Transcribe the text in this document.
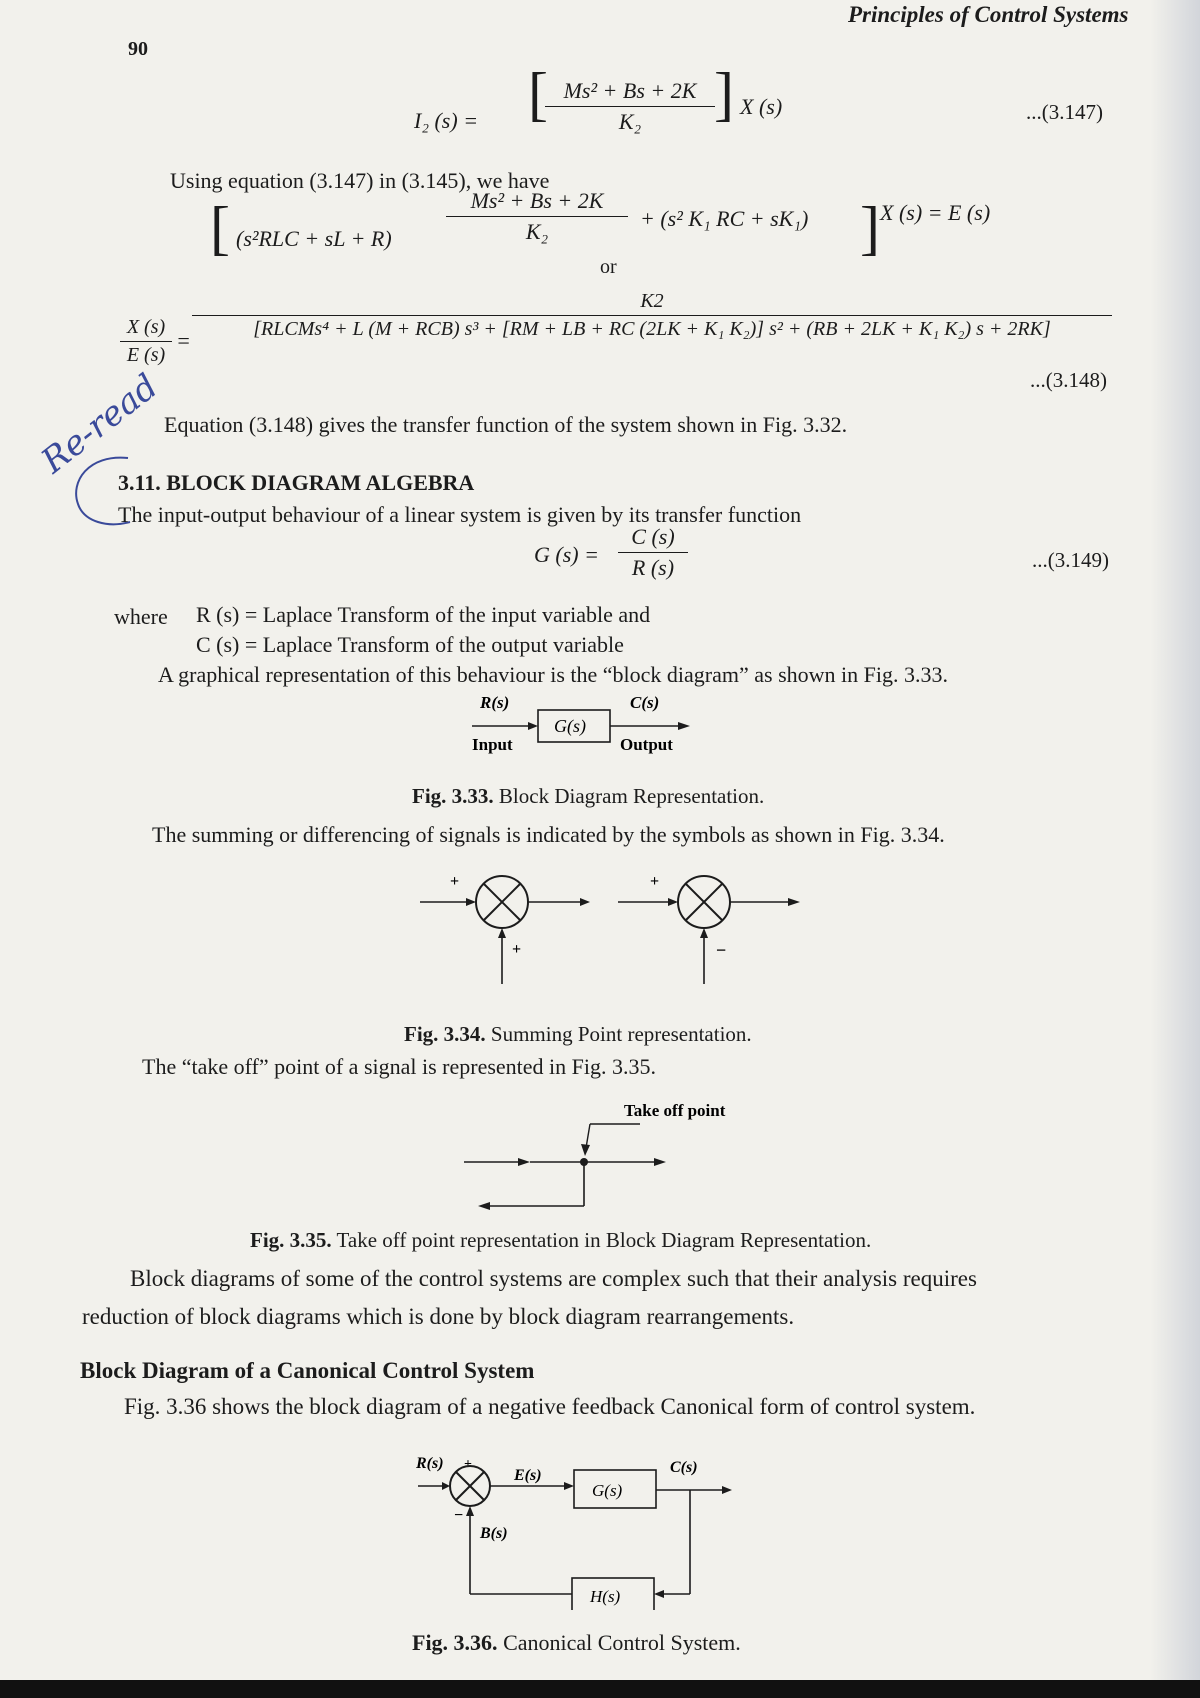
Principles of Control Systems
90
I₂ (s) = [ Ms² + Bs + 2K
K₂	] X (s)	...(3.147)
Using equation (3.147) in (3.145), we have
[ (s²RLC + sL + R)
Ms² + Bs + 2K
K₂
+ (s² K₁ RC + sK₁) ] X (s) = E (s)
or
X (s)
E (s)
=
K2
[RLCMs⁴ + L (M + RCB) s³ + [RM + LB + RC (2LK + K₁ K₂)] s² + (RB + 2LK + K₁ K₂) s + 2RK]
...(3.148)
Re-read
Equation (3.148) gives the transfer function of the system shown in Fig. 3.32.
3.11. BLOCK DIAGRAM ALGEBRA
The input-output behaviour of a linear system is given by its transfer function
G (s) =
C (s)
R (s)	...(3.149)
where R (s) = Laplace Transform of the input variable and
C (s) = Laplace Transform of the output variable
A graphical representation of this behaviour is the “block diagram” as shown in Fig. 3.33.
R(s)
G(s)
C(s)
Input	Output
Fig. 3.33. Block Diagram Representation.
The summing or differencing of signals is indicated by the symbols as shown in Fig. 3.34.
+
+
+
−
Fig. 3.34. Summing Point representation.
The “take off” point of a signal is represented in Fig. 3.35.
Take off point
Fig. 3.35. Take off point representation in Block Diagram Representation.
Block diagrams of some of the control systems are complex such that their analysis requires
reduction of block diagrams which is done by block diagram rearrangements.
Block Diagram of a Canonical Control System
Fig. 3.36 shows the block diagram of a negative feedback Canonical form of control system.
R(s) +
E(s)
G(s)
C(s)
H(s)
−
B(s)
Fig. 3.36. Canonical Control System.
